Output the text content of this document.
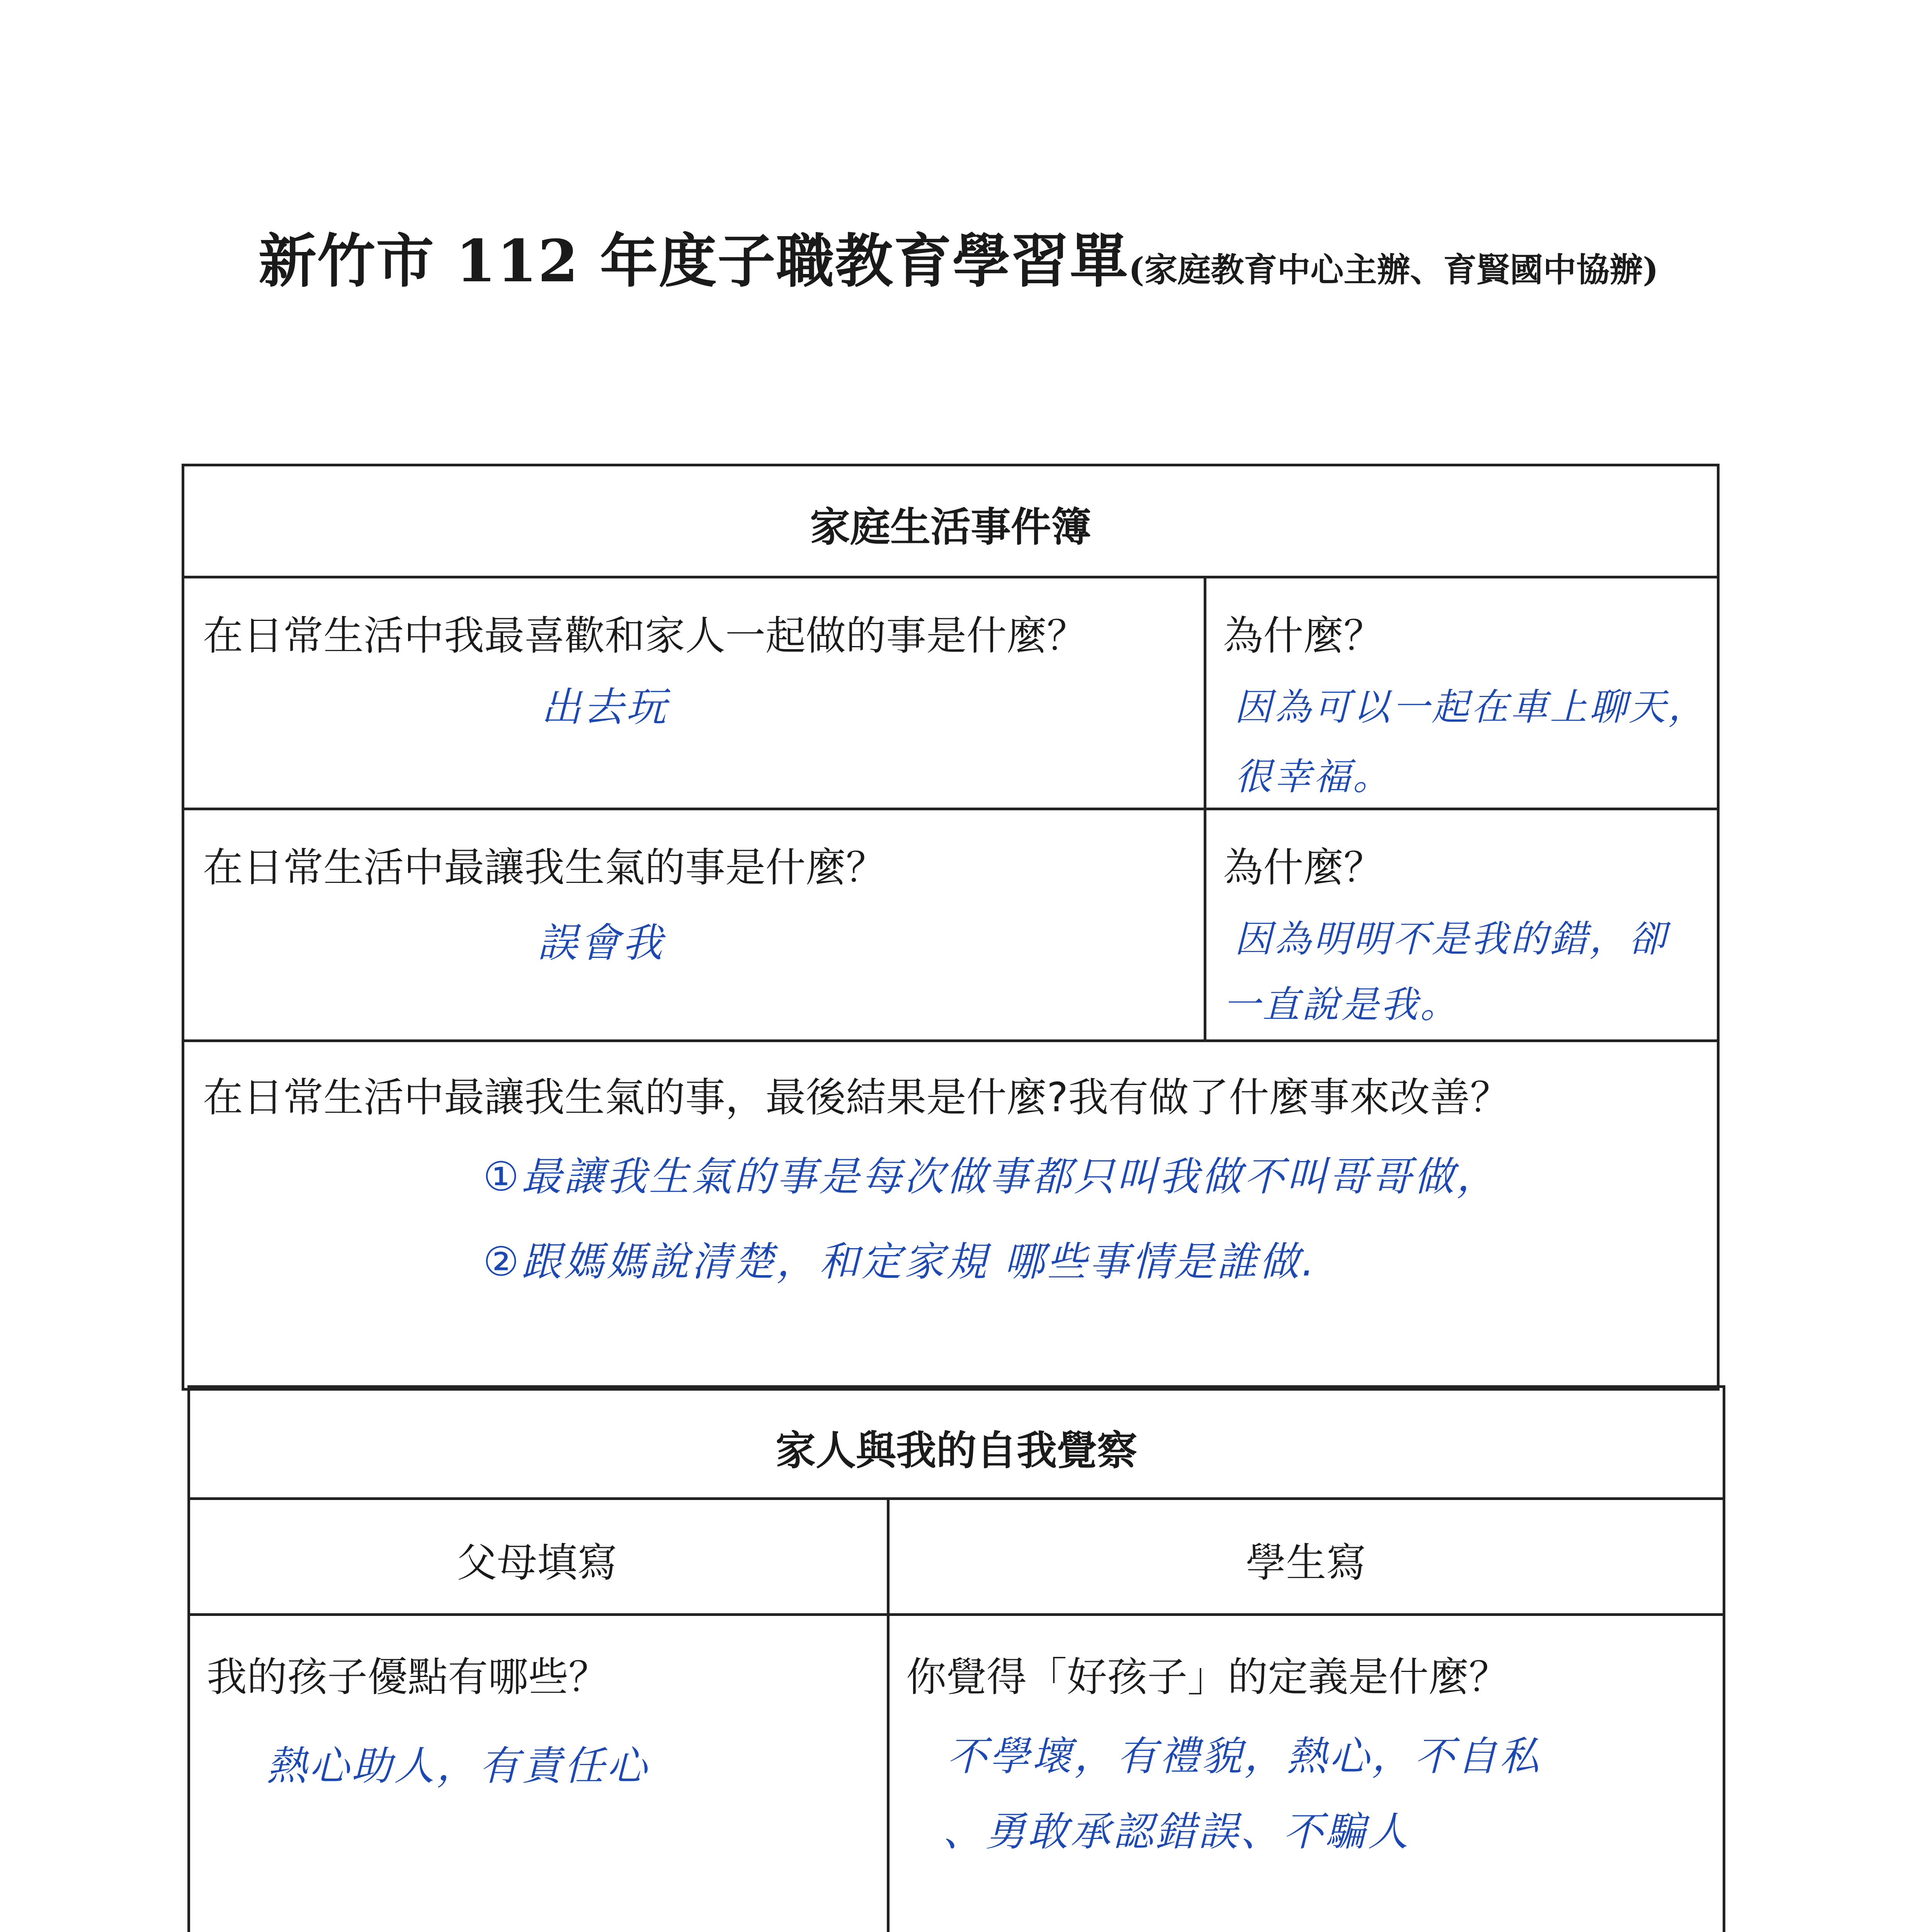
新竹市 112 年度子職教育學習單(家庭教育中心主辦、育賢國中協辦)
家庭生活事件簿
在日常生活中我最喜歡和家人一起做的事是什麼？
出去玩
為什麼？
因為可以一起在車上聊天，
很幸福。
在日常生活中最讓我生氣的事是什麼？
誤會我
為什麼？
因為明明不是我的錯，卻
一直說是我。
在日常生活中最讓我生氣的事，最後結果是什麼?我有做了什麼事來改善？
①最讓我生氣的事是每次做事都只叫我做不叫哥哥做，
②跟媽媽說清楚，和定家規 哪些事情是誰做.
家人與我的自我覺察
父母填寫	學生寫
我的孩子優點有哪些？
熱心助人，有責任心
你覺得「好孩子」的定義是什麼？
不學壞，有禮貌，熱心，不自私
、勇敢承認錯誤、不騙人
